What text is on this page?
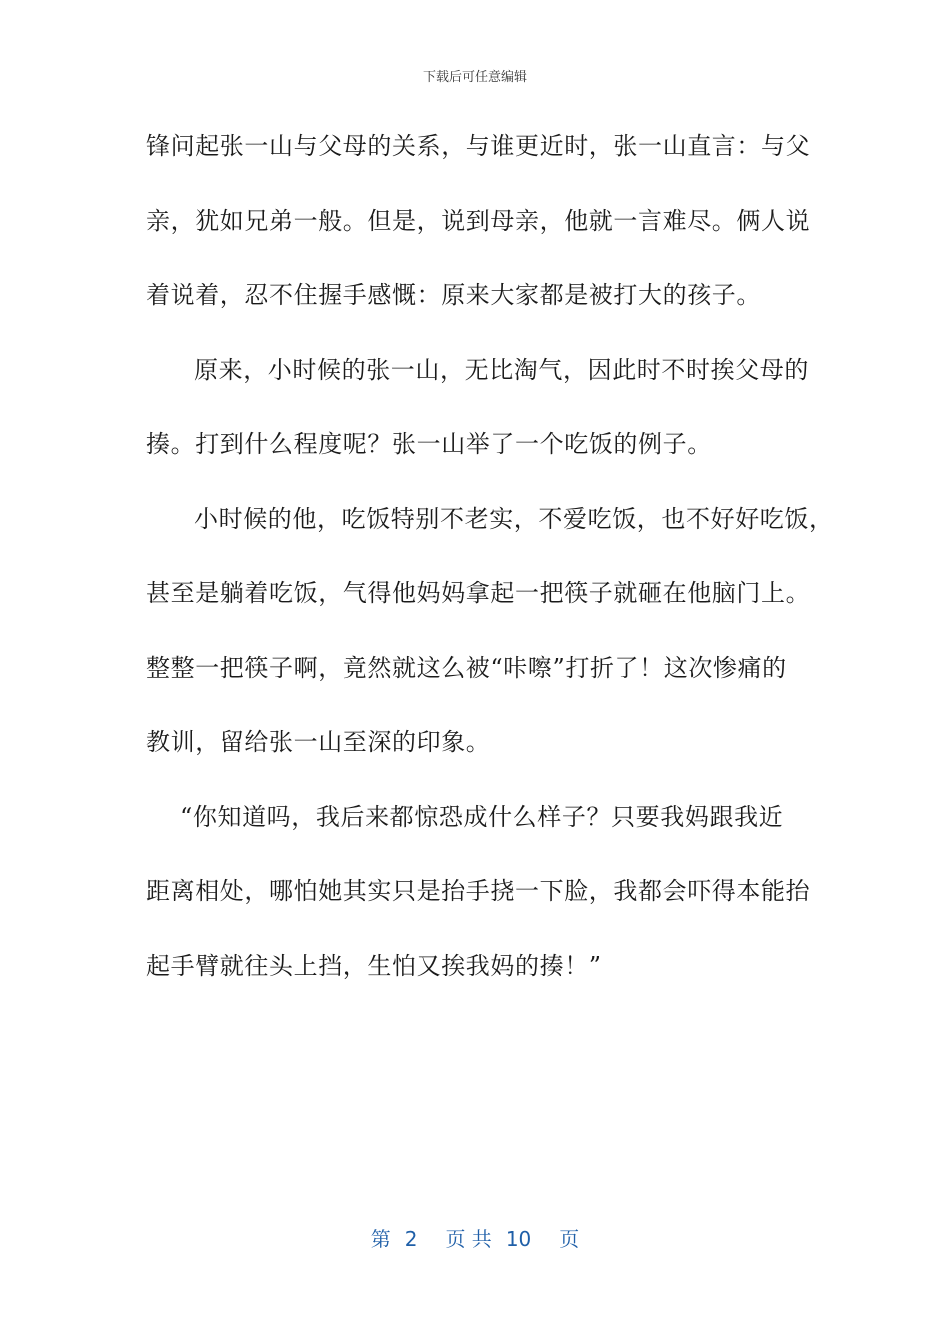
下载后可任意编辑
锋问起张一山与父母的关系，与谁更近时，张一山直言：与父
亲，犹如兄弟一般。但是，说到母亲，他就一言难尽。俩人说
着说着，忍不住握手感慨：原来大家都是被打大的孩子。
原来，小时候的张一山，无比淘气，因此时不时挨父母的
揍。打到什么程度呢？张一山举了一个吃饭的例子。
小时候的他，吃饭特别不老实，不爱吃饭，也不好好吃饭，
甚至是躺着吃饭，气得他妈妈拿起一把筷子就砸在他脑门上。
整整一把筷子啊，竟然就这么被“咔嚓”打折了！这次惨痛的
教训，留给张一山至深的印象。
“你知道吗，我后来都惊恐成什么样子？只要我妈跟我近
距离相处，哪怕她其实只是抬手挠一下脸，我都会吓得本能抬
起手臂就往头上挡，生怕又挨我妈的揍！”
第 2 页 共 10 页
